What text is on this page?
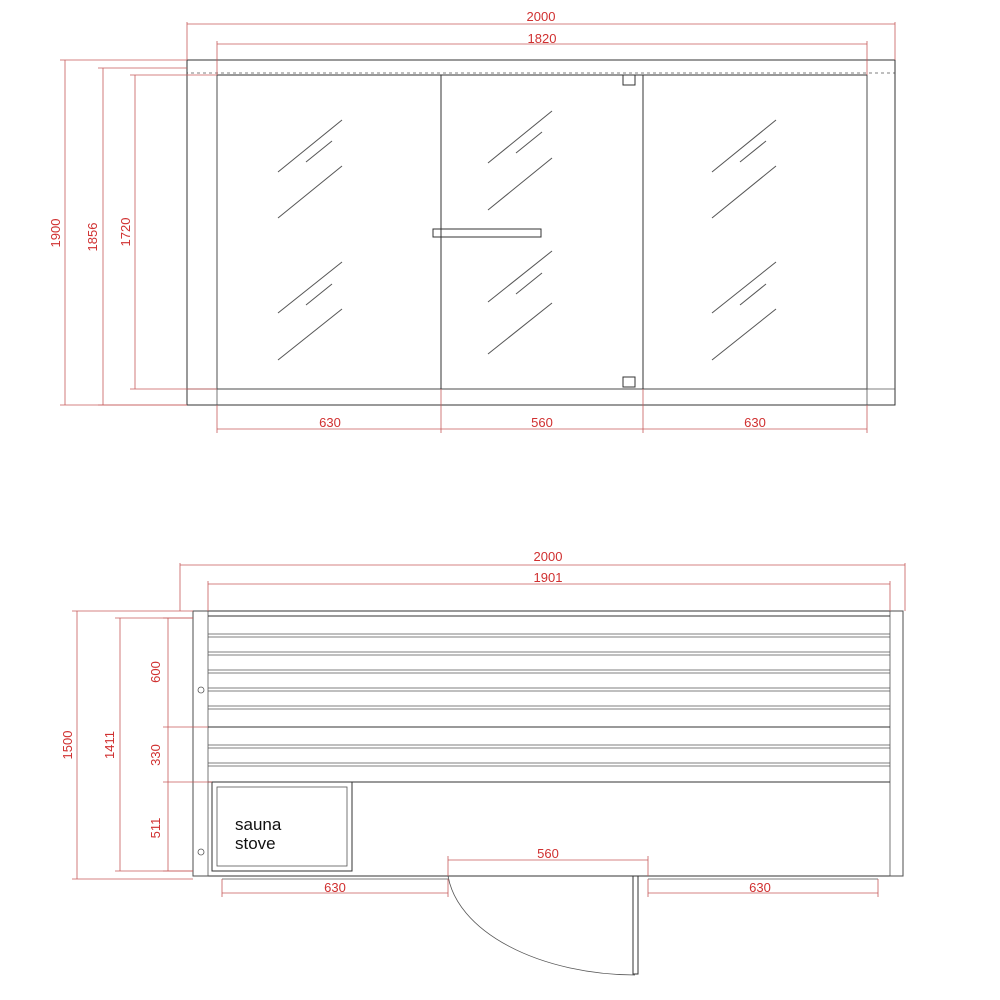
2000
1820
1900 1856 1720
630	560	630
sauna
stove
2000
1901
1500 1411
600
330
511
560
630	630
